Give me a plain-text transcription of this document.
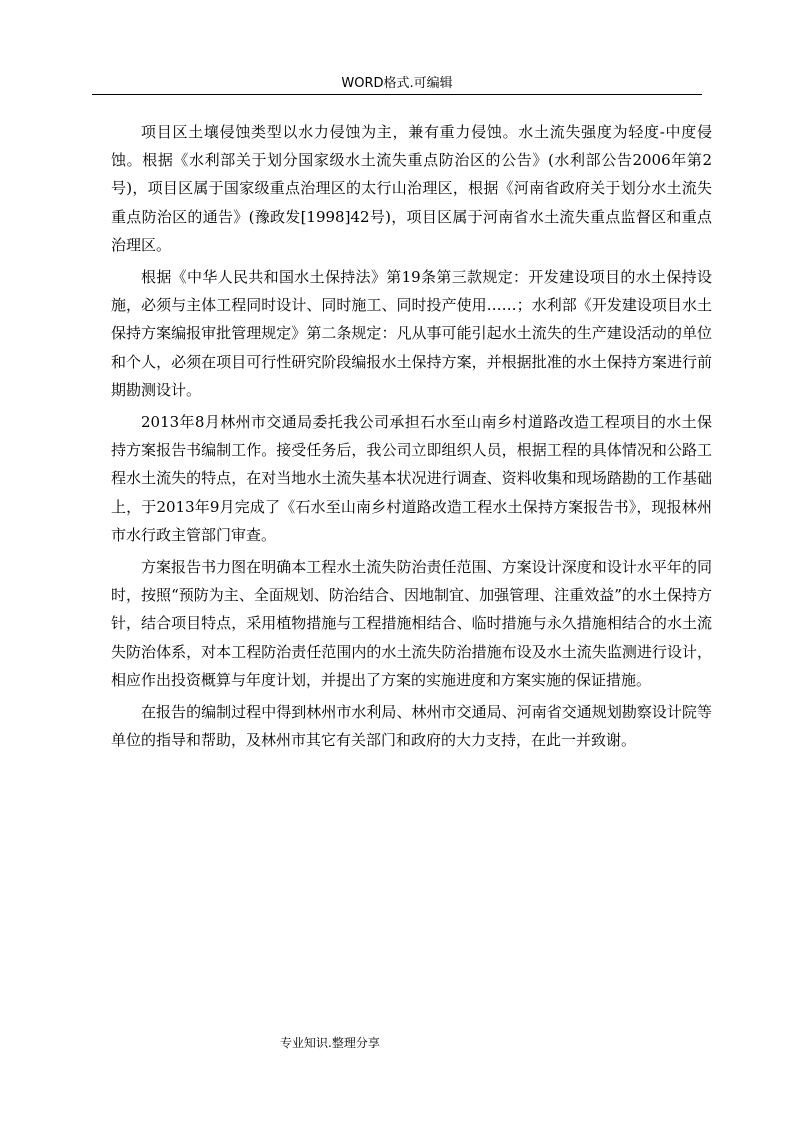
WORD格式.可编辑

项目区土壤侵蚀类型以水力侵蚀为主，兼有重力侵蚀。水土流失强度为轻度-中度侵蚀。根据《水利部关于划分国家级水土流失重点防治区的公告》(水利部公告2006年第2号)，项目区属于国家级重点治理区的太行山治理区，根据《河南省政府关于划分水土流失重点防治区的通告》(豫政发[1998]42号)，项目区属于河南省水土流失重点监督区和重点治理区。

根据《中华人民共和国水土保持法》第19条第三款规定：开发建设项目的水土保持设施，必须与主体工程同时设计、同时施工、同时投产使用……；水利部《开发建设项目水土保持方案编报审批管理规定》第二条规定：凡从事可能引起水土流失的生产建设活动的单位和个人，必须在项目可行性研究阶段编报水土保持方案，并根据批准的水土保持方案进行前期勘测设计。

2013年8月林州市交通局委托我公司承担石水至山南乡村道路改造工程项目的水土保持方案报告书编制工作。接受任务后，我公司立即组织人员，根据工程的具体情况和公路工程水土流失的特点，在对当地水土流失基本状况进行调查、资料收集和现场踏勘的工作基础上，于2013年9月完成了《石水至山南乡村道路改造工程水土保持方案报告书》，现报林州市水行政主管部门审查。

方案报告书力图在明确本工程水土流失防治责任范围、方案设计深度和设计水平年的同时，按照“预防为主、全面规划、防治结合、因地制宜、加强管理、注重效益”的水土保持方针，结合项目特点，采用植物措施与工程措施相结合、临时措施与永久措施相结合的水土流失防治体系，对本工程防治责任范围内的水土流失防治措施布设及水土流失监测进行设计，相应作出投资概算与年度计划，并提出了方案的实施进度和方案实施的保证措施。

在报告的编制过程中得到林州市水利局、林州市交通局、河南省交通规划勘察设计院等单位的指导和帮助，及林州市其它有关部门和政府的大力支持，在此一并致谢。

专业知识.整理分享
